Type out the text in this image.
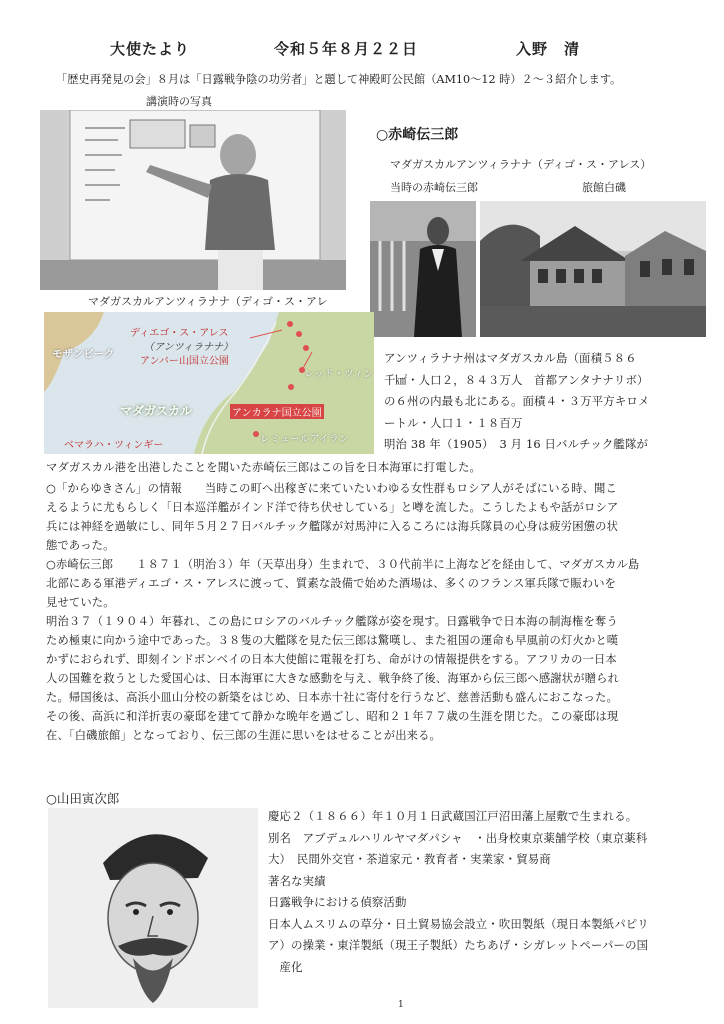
大使たより	令和５年８月２２日	入野　清
「歴史再発見の会」８月は「日露戦争陰の功労者」と題して神殿町公民館（AM10～12 時）２～３紹介します。
講演時の写真
○赤崎伝三郎
マダガスカルアンツィラナナ（ディゴ・ス・アレス）
当時の赤崎伝三郎	旅館白磯
マダガスカルアンツィラナナ（ディゴ・ス・アレ
ディエゴ・ス・アレス
（アンツィラナナ）
アンバー山国立公園
モザンビーク
レッド・ツィン
マダガスカル	アンカラナ国立公園
レミュールアイラン
ベマラハ・ツィンギー
アンツィラナナ州はマダガスカル島（面積５８６
千㎢・人口２，８４３万人　首都アンタナナリボ）
の６州の内最も北にある。面積４・３万平方キロメ
ートル・人口１・１８百万
明治 38 年（1905）　3 月 16 日バルチック艦隊が
マダガスカル港を出港したことを聞いた赤崎伝三郎はこの旨を日本海軍に打電した。
○「からゆきさん」の情報　　当時この町へ出稼ぎに来ていたいわゆる女性群もロシア人がそばにいる時、聞こ
えるように尤もらしく「日本巡洋艦がインド洋で待ち伏せしている」と噂を流した。こうしたよもや話がロシア
兵には神経を過敏にし、同年５月２７日バルチック艦隊が対馬沖に入るころには海兵隊員の心身は疲労困憊の状
態であった。
○赤崎伝三郎　　１８７１（明治３）年（天草出身）生まれで、３０代前半に上海などを経由して、マダガスカル島
北部にある軍港ディエゴ・ス・アレスに渡って、質素な設備で始めた酒場は、多くのフランス軍兵隊で賑わいを
見せていた。
明治３７（１９０４）年暮れ、この島にロシアのバルチック艦隊が姿を現す。日露戦争で日本海の制海権を奪う
ため極東に向かう途中であった。３８隻の大艦隊を見た伝三郎は驚嘆し、また祖国の運命も早風前の灯火かと嘆
かずにおられず、即刻インドボンベイの日本大使館に電報を打ち、命がけの情報提供をする。アフリカの一日本
人の国難を救うとした愛国心は、日本海軍に大きな感動を与え、戦争終了後、海軍から伝三郎へ感謝状が贈られ
た。帰国後は、高浜小皿山分校の新築をはじめ、日本赤十社に寄付を行うなど、慈善活動も盛んにおこなった。
その後、高浜に和洋折衷の豪邸を建てて静かな晩年を過ごし、昭和２１年７７歳の生涯を閉じた。この豪邸は現
在、「白磯旅館」となっており、伝三郎の生涯に思いをはせることが出来る。
○山田寅次郎
慶応２（１８６６）年１０月１日武蔵国江戸沼田藩上屋敷で生まれる。
別名　アブデュルハリルヤマダパシャ　・出身校東京薬舗学校（東京薬科
大）　民間外交官・茶道家元・教育者・実業家・貿易商
著名な実績
日露戦争における偵察活動
日本人ムスリムの草分・日土貿易協会設立・吹田製紙（現日本製紙パピリ
ア）の操業・東洋製紙（現王子製紙）たちあげ・シガレットペーパーの国
　産化
1
